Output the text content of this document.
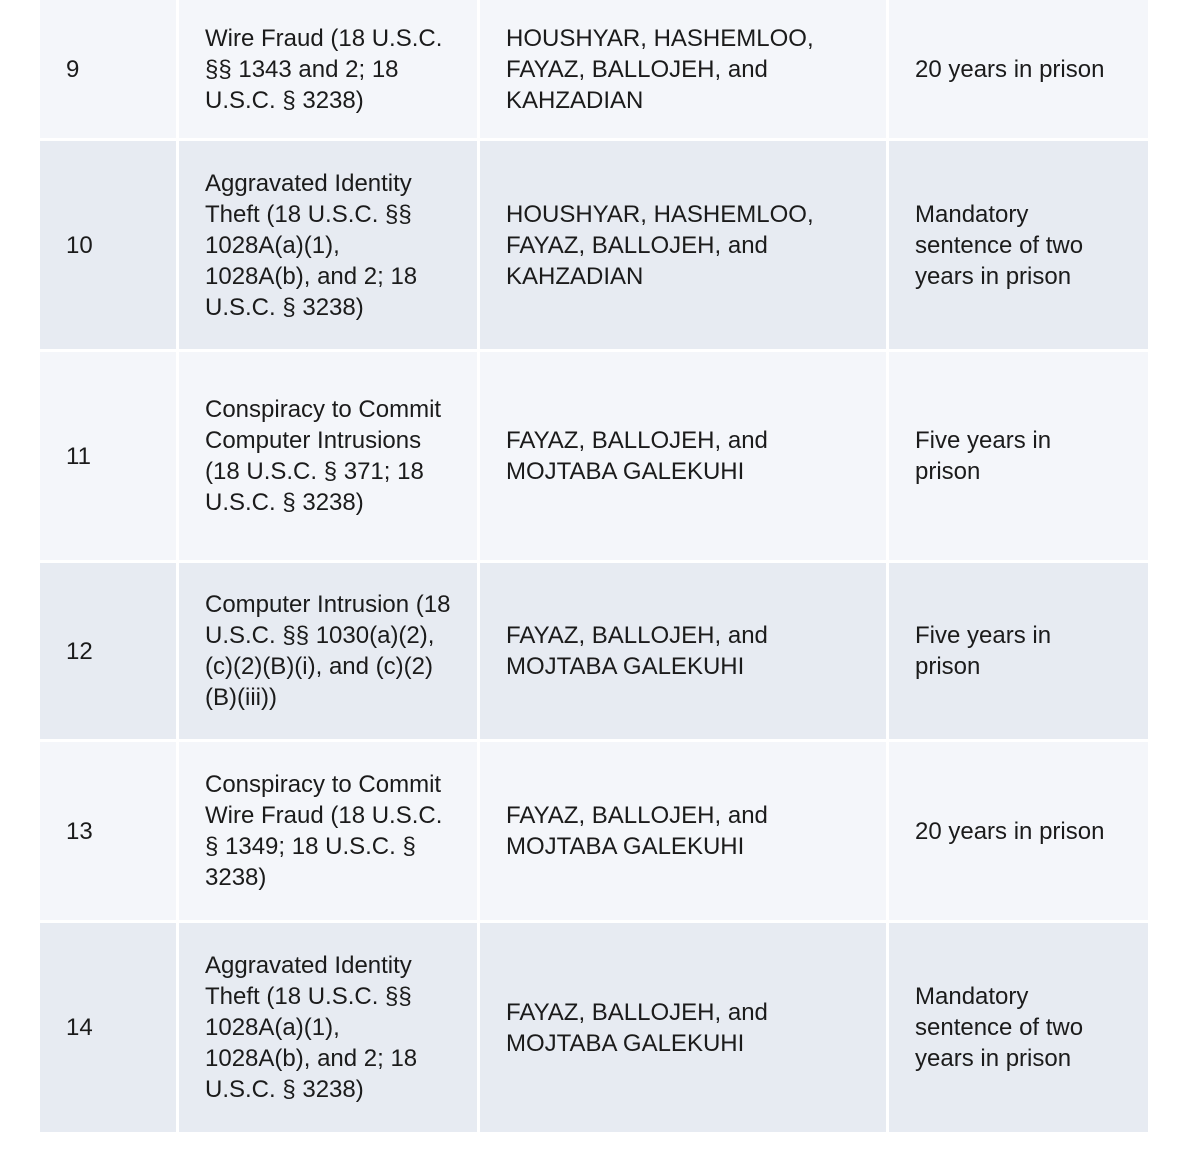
9
Wire Fraud (18 U.S.C. §§ 1343 and 2; 18 U.S.C. § 3238)
HOUSHYAR, HASHEMLOO, FAYAZ, BALLOJEH, and KAHZADIAN
20 years in prison
10
Aggravated Identity Theft (18 U.S.C. §§ 1028A(a)(1), 1028A(b), and 2; 18 U.S.C. § 3238)
HOUSHYAR, HASHEMLOO, FAYAZ, BALLOJEH, and KAHZADIAN
Mandatory sentence of two years in prison
11
Conspiracy to Commit Computer Intrusions (18 U.S.C. § 371; 18 U.S.C. § 3238)
FAYAZ, BALLOJEH, and MOJTABA GALEKUHI
Five years in prison
12
Computer Intrusion (18 U.S.C. §§ 1030(a)(2), (c)(2)(B)(i), and (c)(2)(B)(iii))
FAYAZ, BALLOJEH, and MOJTABA GALEKUHI
Five years in prison
13
Conspiracy to Commit Wire Fraud (18 U.S.C. § 1349; 18 U.S.C. § 3238)
FAYAZ, BALLOJEH, and MOJTABA GALEKUHI
20 years in prison
14
Aggravated Identity Theft (18 U.S.C. §§ 1028A(a)(1), 1028A(b), and 2; 18 U.S.C. § 3238)
FAYAZ, BALLOJEH, and MOJTABA GALEKUHI
Mandatory sentence of two years in prison
